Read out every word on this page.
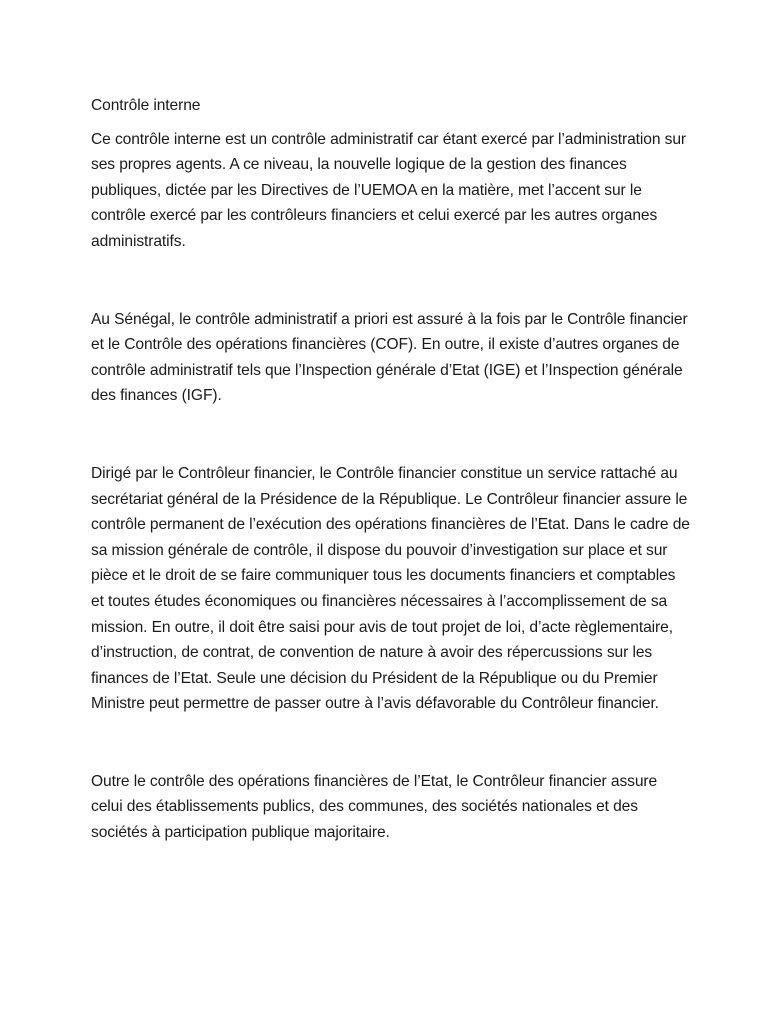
Contrôle interne

Ce contrôle interne est un contrôle administratif car étant exercé par l’administration sur ses propres agents. A ce niveau, la nouvelle logique de la gestion des finances publiques, dictée par les Directives de l’UEMOA en la matière, met l’accent sur le contrôle exercé par les contrôleurs financiers et celui exercé par les autres organes administratifs.

Au Sénégal, le contrôle administratif a priori est assuré à la fois par le Contrôle financier et le Contrôle des opérations financières (COF). En outre, il existe d’autres organes de contrôle administratif tels que l’Inspection générale d’Etat (IGE) et l’Inspection générale des finances (IGF).

Dirigé par le Contrôleur financier, le Contrôle financier constitue un service rattaché au secrétariat général de la Présidence de la République. Le Contrôleur financier assure le contrôle permanent de l’exécution des opérations financières de l’Etat. Dans le cadre de sa mission générale de contrôle, il dispose du pouvoir d’investigation sur place et sur pièce et le droit de se faire communiquer tous les documents financiers et comptables et toutes études économiques ou financières nécessaires à l’accomplissement de sa mission. En outre, il doit être saisi pour avis de tout projet de loi, d’acte règlementaire, d’instruction, de contrat, de convention de nature à avoir des répercussions sur les finances de l’Etat. Seule une décision du Président de la République ou du Premier Ministre peut permettre de passer outre à l’avis défavorable du Contrôleur financier.

Outre le contrôle des opérations financières de l’Etat, le Contrôleur financier assure celui des établissements publics, des communes, des sociétés nationales et des sociétés à participation publique majoritaire.
